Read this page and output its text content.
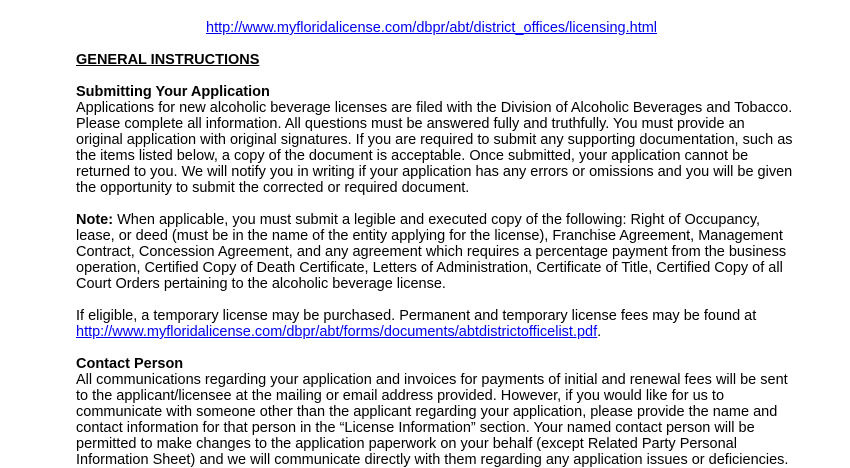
http://www.myfloridalicense.com/dbpr/abt/district_offices/licensing.html
GENERAL INSTRUCTIONS
Submitting Your Application
Applications for new alcoholic beverage licenses are filed with the Division of Alcoholic Beverages and Tobacco.
Please complete all information. All questions must be answered fully and truthfully. You must provide an
original application with original signatures. If you are required to submit any supporting documentation, such as
the items listed below, a copy of the document is acceptable. Once submitted, your application cannot be
returned to you. We will notify you in writing if your application has any errors or omissions and you will be given
the opportunity to submit the corrected or required document.
Note: When applicable, you must submit a legible and executed copy of the following: Right of Occupancy,
lease, or deed (must be in the name of the entity applying for the license), Franchise Agreement, Management
Contract, Concession Agreement, and any agreement which requires a percentage payment from the business
operation, Certified Copy of Death Certificate, Letters of Administration, Certificate of Title, Certified Copy of all
Court Orders pertaining to the alcoholic beverage license.
If eligible, a temporary license may be purchased. Permanent and temporary license fees may be found at
http://www.myfloridalicense.com/dbpr/abt/forms/documents/abtdistrictofficelist.pdf.
Contact Person
All communications regarding your application and invoices for payments of initial and renewal fees will be sent
to the applicant/licensee at the mailing or email address provided. However, if you would like for us to
communicate with someone other than the applicant regarding your application, please provide the name and
contact information for that person in the “License Information” section. Your named contact person will be
permitted to make changes to the application paperwork on your behalf (except Related Party Personal
Information Sheet) and we will communicate directly with them regarding any application issues or deficiencies.
